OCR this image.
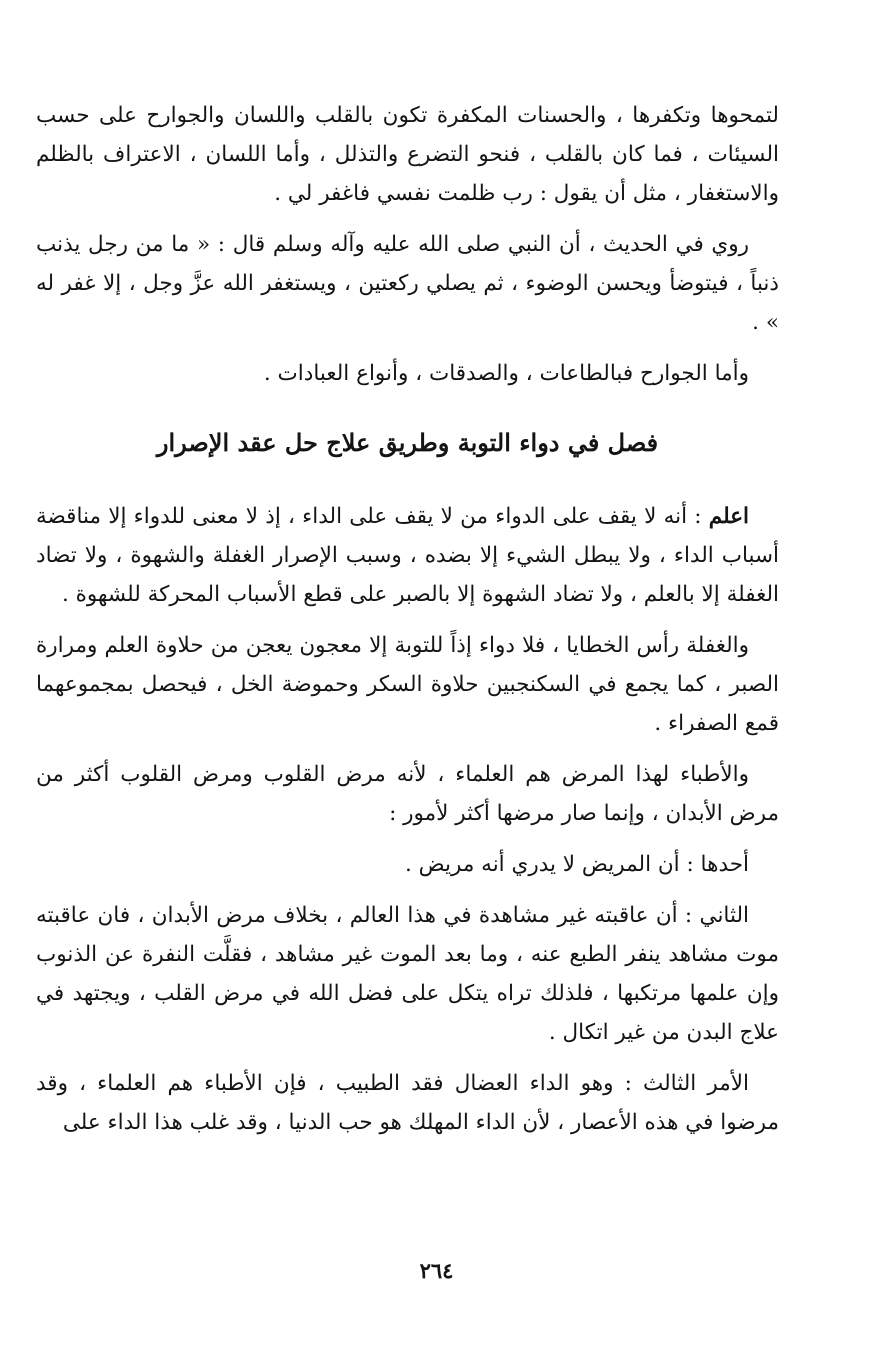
لتمحوها وتكفرها ، والحسنات المكفرة تكون بالقلب واللسان والجوارح على حسب السيئات ، فما كان بالقلب ، فنحو التضرع والتذلل ، وأما اللسان ، الاعتراف بالظلم والاستغفار ، مثل أن يقول : رب ظلمت نفسي فاغفر لي .

روي في الحديث ، أن النبي صلى الله عليه وآله وسلم قال : « ما من رجل يذنب ذنباً ، فيتوضأ ويحسن الوضوء ، ثم يصلي ركعتين ، ويستغفر الله عزَّ وجل ، إلا غفر له » .

وأما الجوارح فبالطاعات ، والصدقات ، وأنواع العبادات .

فصل في دواء التوبة وطريق علاج حل عقد الإصرار

اعلم : أنه لا يقف على الدواء من لا يقف على الداء ، إذ لا معنى للدواء إلا مناقضة أسباب الداء ، ولا يبطل الشيء إلا بضده ، وسبب الإصرار الغفلة والشهوة ، ولا تضاد الغفلة إلا بالعلم ، ولا تضاد الشهوة إلا بالصبر على قطع الأسباب المحركة للشهوة .

والغفلة رأس الخطايا ، فلا دواء إذاً للتوبة إلا معجون يعجن من حلاوة العلم ومرارة الصبر ، كما يجمع في السكنجبين حلاوة السكر وحموضة الخل ، فيحصل بمجموعهما قمع الصفراء .

والأطباء لهذا المرض هم العلماء ، لأنه مرض القلوب ومرض القلوب أكثر من مرض الأبدان ، وإنما صار مرضها أكثر لأمور :

أحدها : أن المريض لا يدري أنه مريض .

الثاني : أن عاقبته غير مشاهدة في هذا العالم ، بخلاف مرض الأبدان ، فان عاقبته موت مشاهد ينفر الطبع عنه ، وما بعد الموت غير مشاهد ، فقلَّت النفرة عن الذنوب وإن علمها مرتكبها ، فلذلك تراه يتكل على فضل الله في مرض القلب ، ويجتهد في علاج البدن من غير اتكال .

الأمر الثالث : وهو الداء العضال فقد الطبيب ، فإن الأطباء هم العلماء ، وقد مرضوا في هذه الأعصار ، لأن الداء المهلك هو حب الدنيا ، وقد غلب هذا الداء على

٢٦٤
